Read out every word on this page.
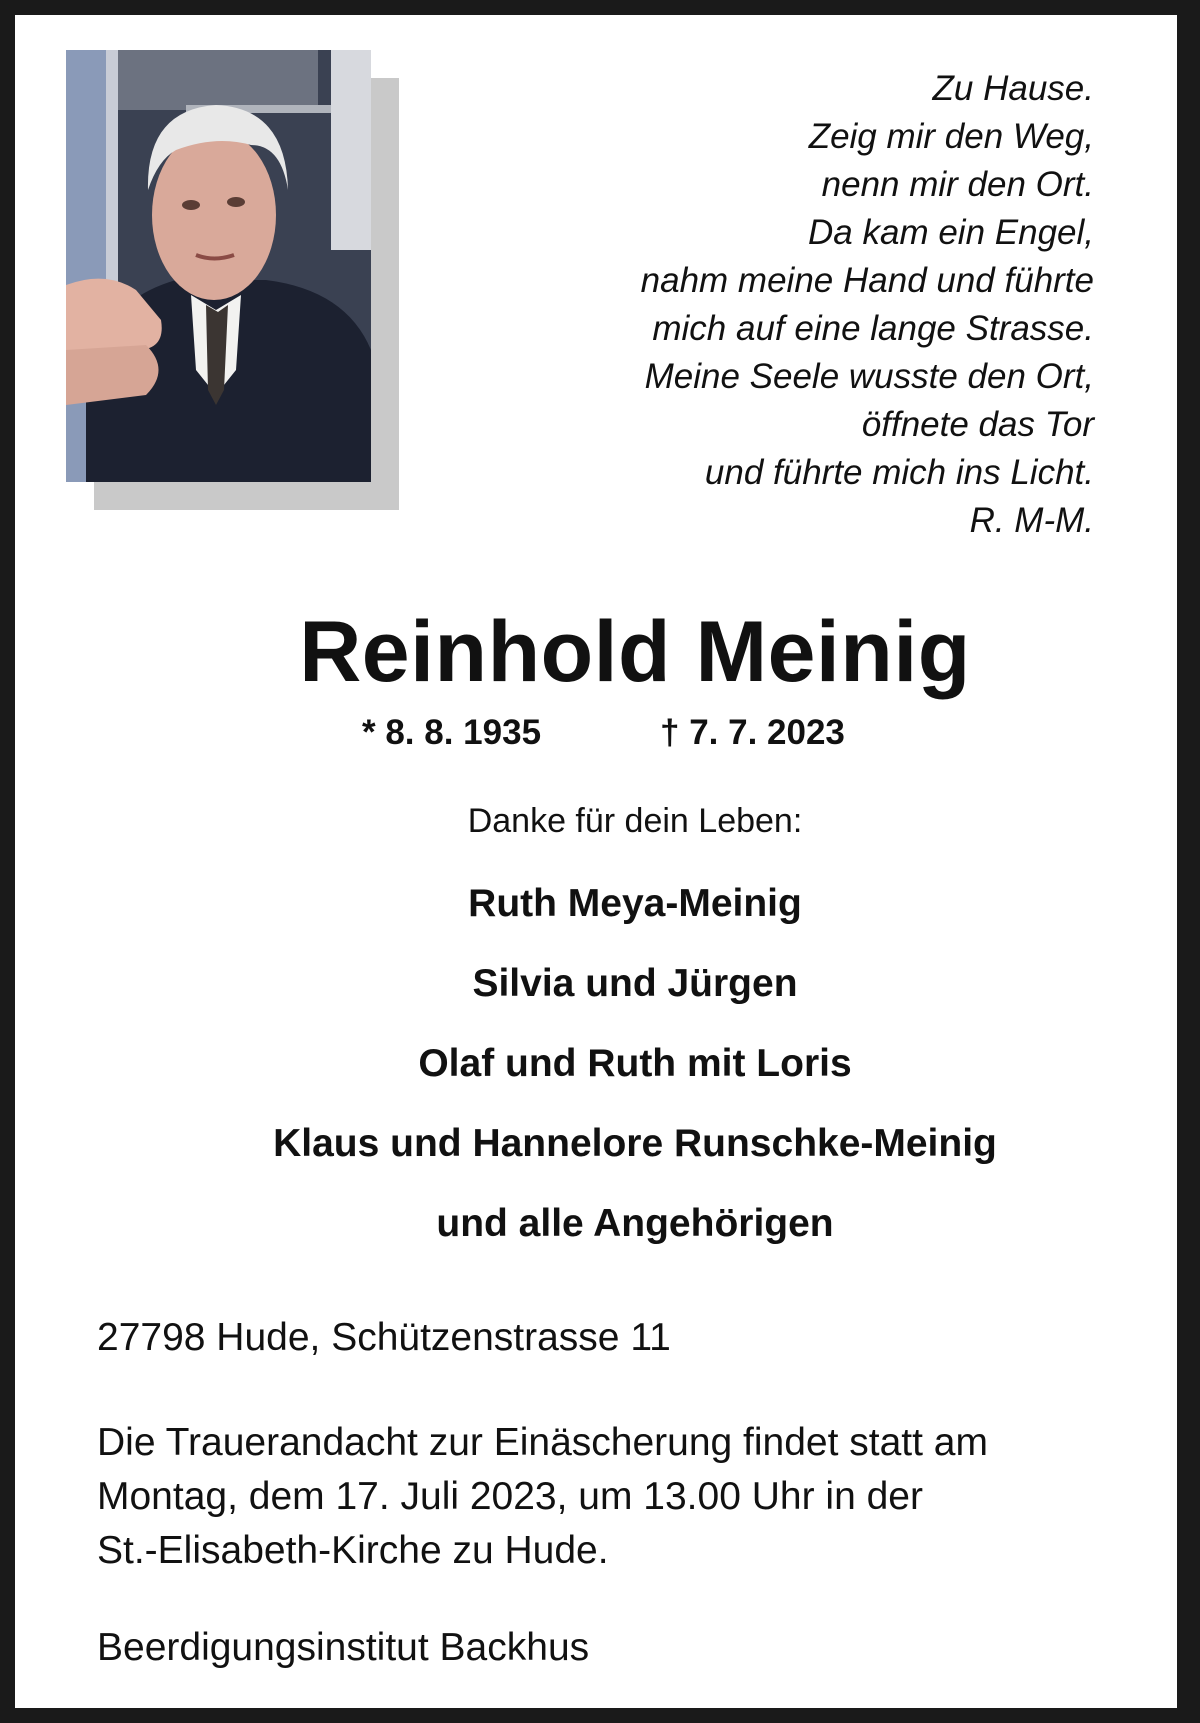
Zu Hause.
Zeig mir den Weg,
nenn mir den Ort.
Da kam ein Engel,
nahm meine Hand und führte
mich auf eine lange Strasse.
Meine Seele wusste den Ort,
öffnete das Tor
und führte mich ins Licht.
R. M-M.
Reinhold Meinig
* 8. 8. 1935	† 7. 7. 2023
Danke für dein Leben:
Ruth Meya-Meinig
Silvia und Jürgen
Olaf und Ruth mit Loris
Klaus und Hannelore Runschke-Meinig
und alle Angehörigen
27798 Hude, Schützenstrasse 11
Die Trauerandacht zur Einäscherung findet statt am
Montag, dem 17. Juli 2023, um 13.00 Uhr in der
St.-Elisabeth-Kirche zu Hude.
Beerdigungsinstitut Backhus
